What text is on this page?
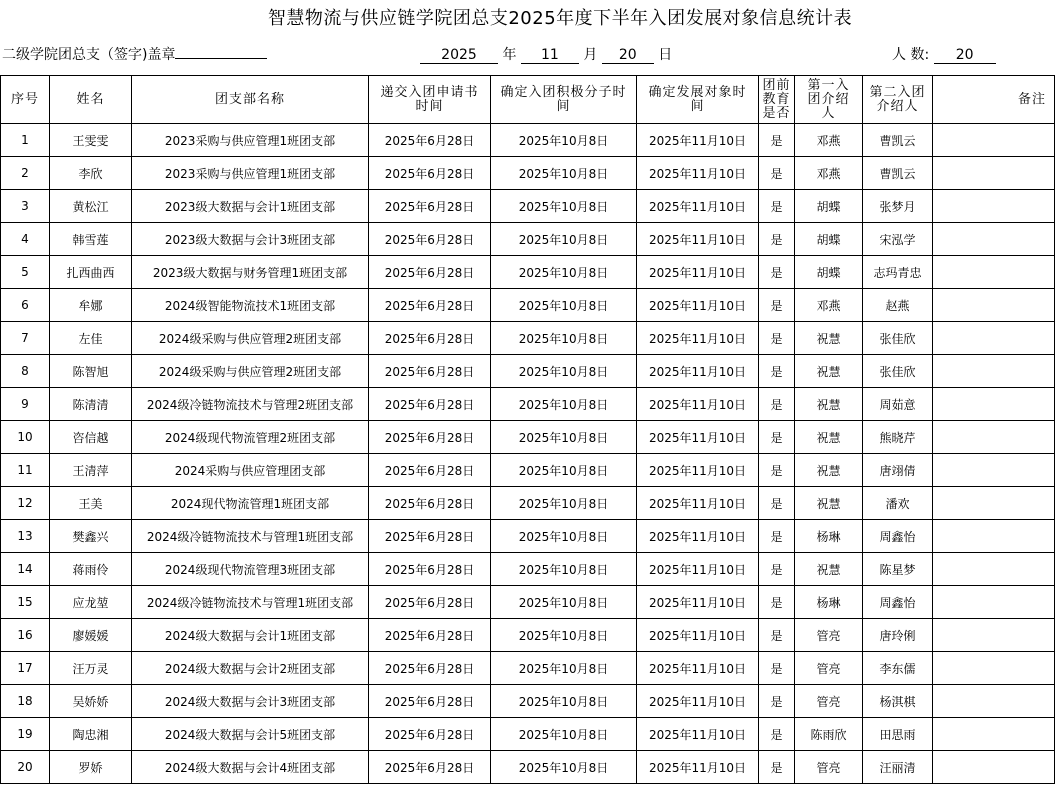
智慧物流与供应链学院团总支2025年度下半年入团发展对象信息统计表
二级学院团总支（签字)盖章	2025 年 11 月 20 日	人 数: 20
序号	姓名	团支部名称	递交入团申请书时间	确定入团积极分子时间	确定发展对象时间	团前教育是否	第一入团介绍人	第二入团介绍人	备注
1	王雯雯	2023采购与供应管理1班团支部	2025年6月28日	2025年10月8日	2025年11月10日	是	邓燕	曹凯云	
2	李欣	2023采购与供应管理1班团支部	2025年6月28日	2025年10月8日	2025年11月10日	是	邓燕	曹凯云	
3	黄松江	2023级大数据与会计1班团支部	2025年6月28日	2025年10月8日	2025年11月10日	是	胡蝶	张梦月	
4	韩雪莲	2023级大数据与会计3班团支部	2025年6月28日	2025年10月8日	2025年11月10日	是	胡蝶	宋泓学	
5	扎西曲西	2023级大数据与财务管理1班团支部	2025年6月28日	2025年10月8日	2025年11月10日	是	胡蝶	志玛青忠	
6	牟娜	2024级智能物流技术1班团支部	2025年6月28日	2025年10月8日	2025年11月10日	是	邓燕	赵燕	
7	左佳	2024级采购与供应管理2班团支部	2025年6月28日	2025年10月8日	2025年11月10日	是	祝慧	张佳欣	
8	陈智旭	2024级采购与供应管理2班团支部	2025年6月28日	2025年10月8日	2025年11月10日	是	祝慧	张佳欣	
9	陈清清	2024级冷链物流技术与管理2班团支部	2025年6月28日	2025年10月8日	2025年11月10日	是	祝慧	周茹意	
10	咨信越	2024级现代物流管理2班团支部	2025年6月28日	2025年10月8日	2025年11月10日	是	祝慧	熊晓芹	
11	王清萍	2024采购与供应管理团支部	2025年6月28日	2025年10月8日	2025年11月10日	是	祝慧	唐翊倩	
12	王美	2024现代物流管理1班团支部	2025年6月28日	2025年10月8日	2025年11月10日	是	祝慧	潘欢	
13	樊鑫兴	2024级冷链物流技术与管理1班团支部	2025年6月28日	2025年10月8日	2025年11月10日	是	杨琳	周鑫怡	
14	蒋雨伶	2024级现代物流管理3班团支部	2025年6月28日	2025年10月8日	2025年11月10日	是	祝慧	陈星梦	
15	应龙堃	2024级冷链物流技术与管理1班团支部	2025年6月28日	2025年10月8日	2025年11月10日	是	杨琳	周鑫怡	
16	廖媛媛	2024级大数据与会计1班团支部	2025年6月28日	2025年10月8日	2025年11月10日	是	管亮	唐玲俐	
17	汪万灵	2024级大数据与会计2班团支部	2025年6月28日	2025年10月8日	2025年11月10日	是	管亮	李东儒	
18	吴娇娇	2024级大数据与会计3班团支部	2025年6月28日	2025年10月8日	2025年11月10日	是	管亮	杨淇棋	
19	陶忠湘	2024级大数据与会计5班团支部	2025年6月28日	2025年10月8日	2025年11月10日	是	陈雨欣	田思雨	
20	罗娇	2024级大数据与会计4班团支部	2025年6月28日	2025年10月8日	2025年11月10日	是	管亮	汪丽清	
